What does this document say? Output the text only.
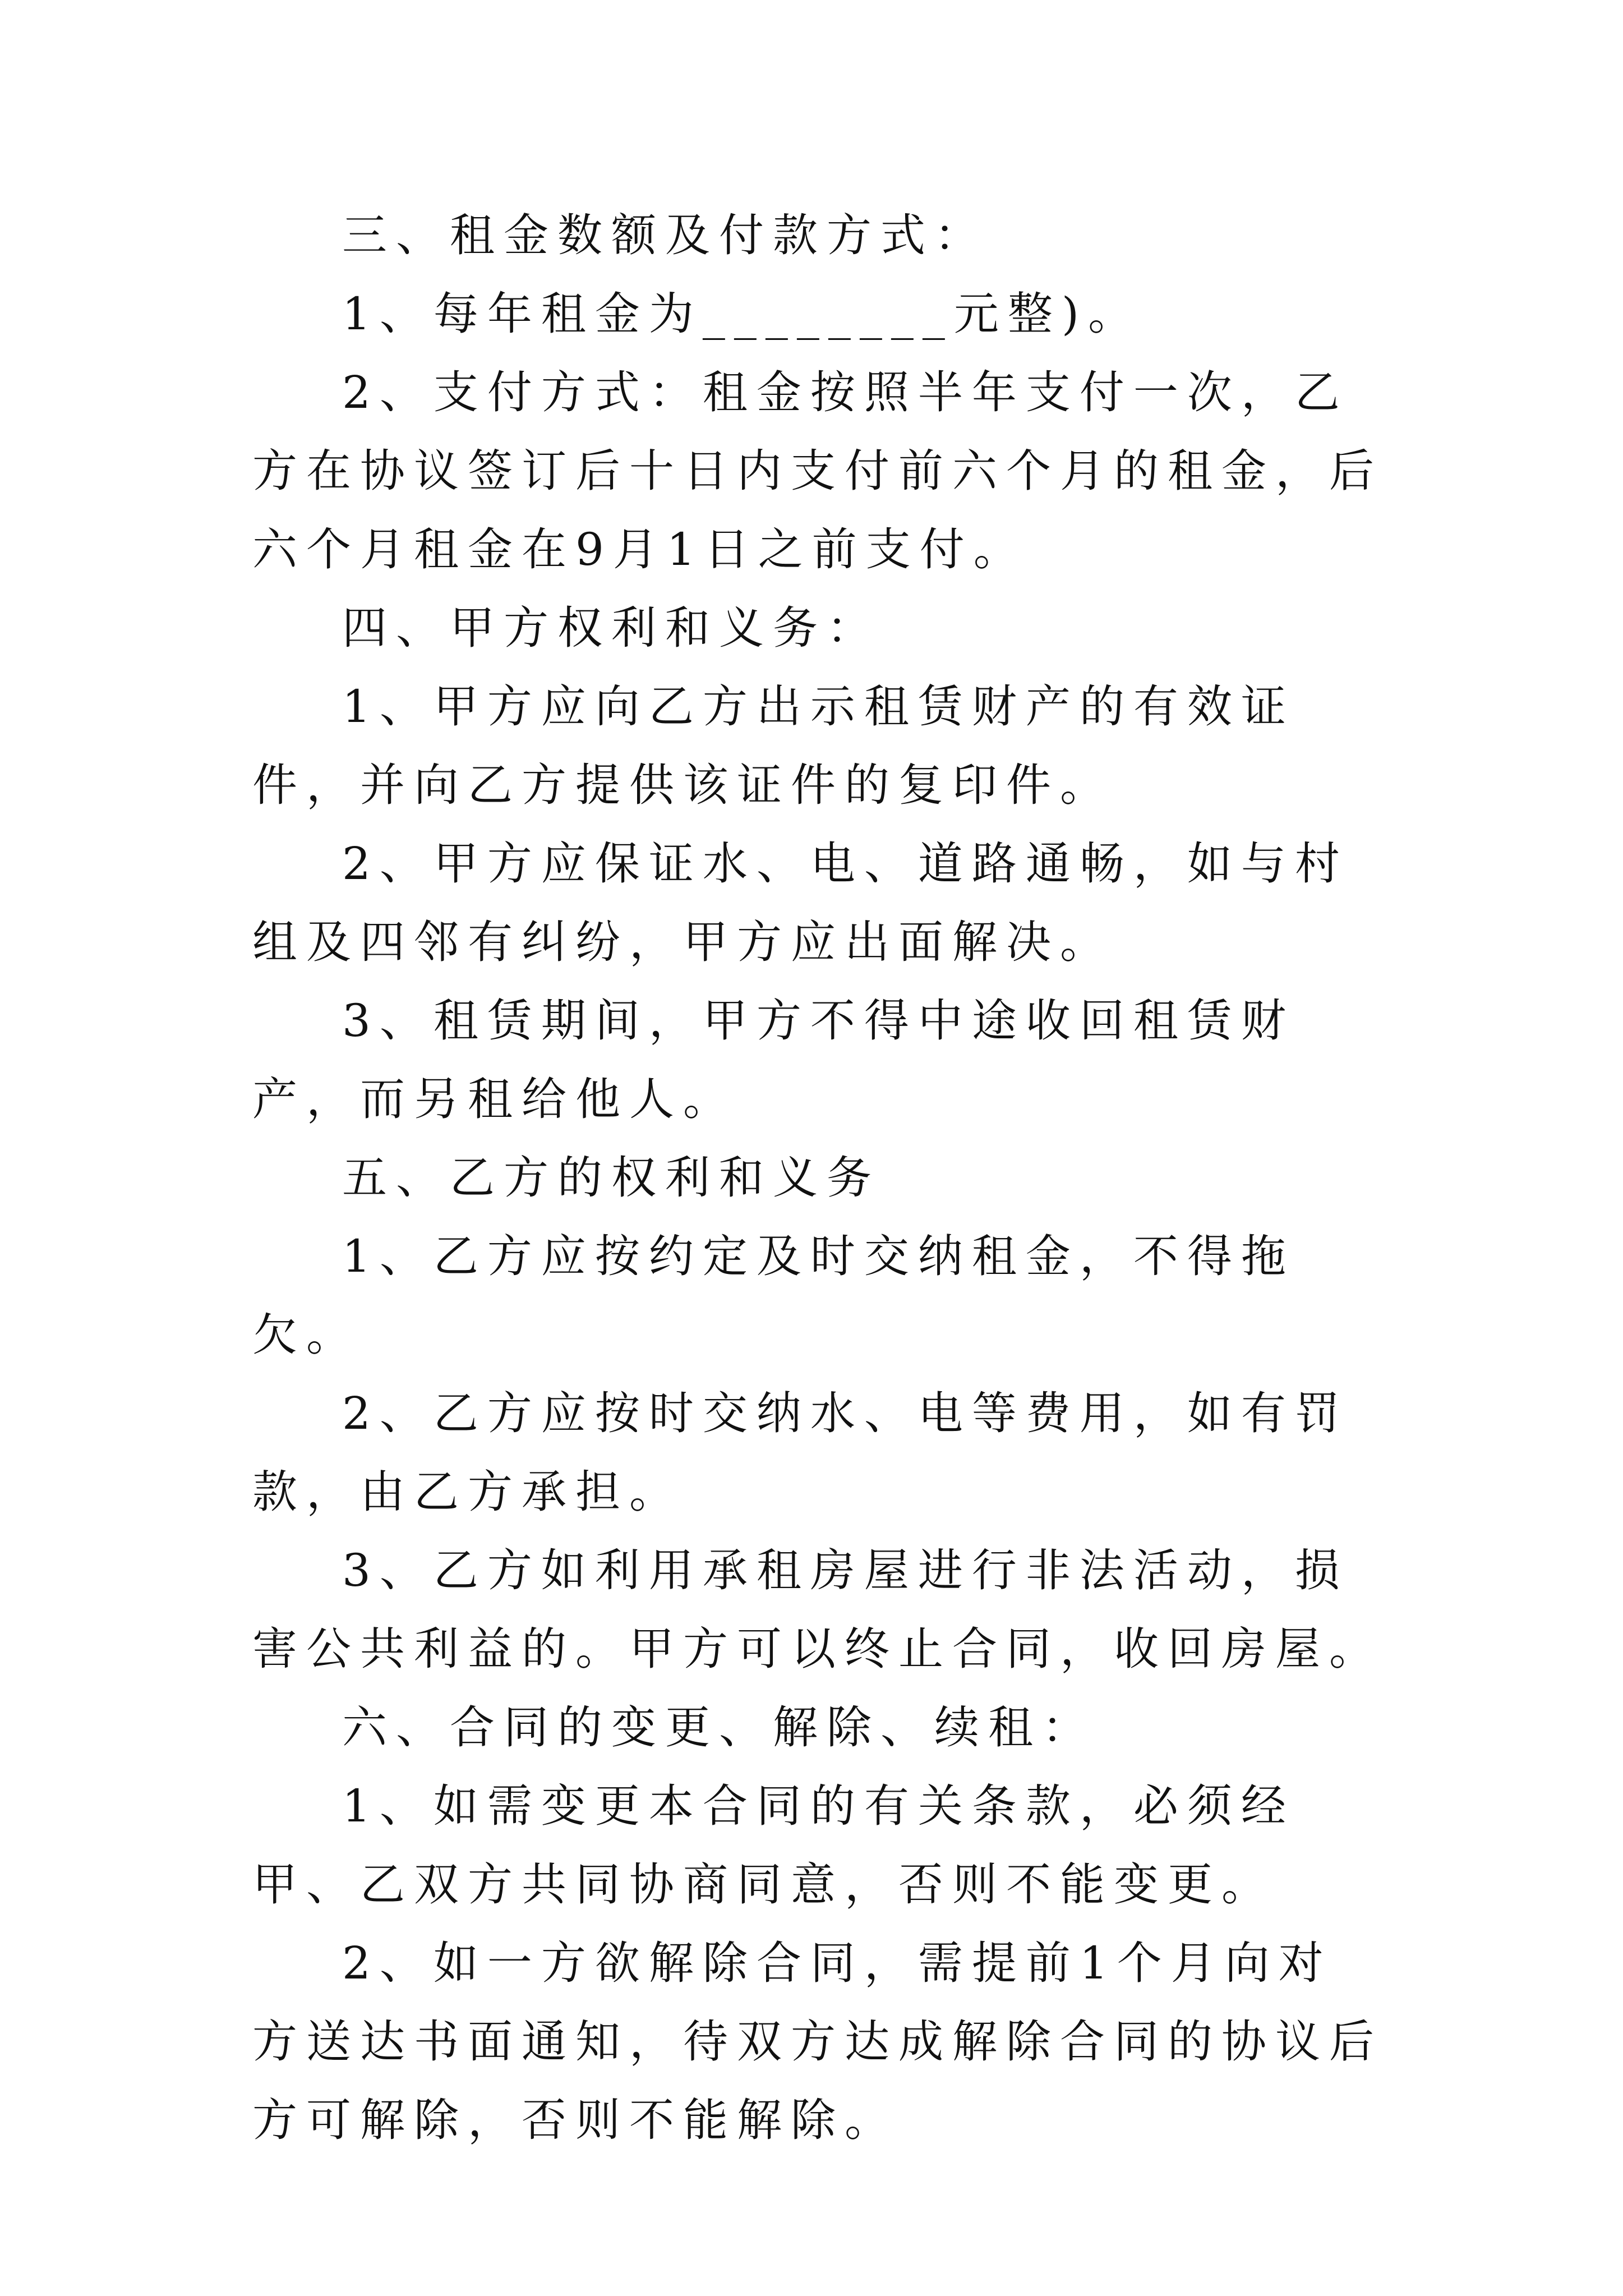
三、租金数额及付款方式：

1、每年租金为________元整)。

2、支付方式：租金按照半年支付一次，乙方在协议签订后十日内支付前六个月的租金，后六个月租金在9月1日之前支付。

四、甲方权利和义务：

1、甲方应向乙方出示租赁财产的有效证件，并向乙方提供该证件的复印件。

2、甲方应保证水、电、道路通畅，如与村组及四邻有纠纷，甲方应出面解决。

3、租赁期间，甲方不得中途收回租赁财产，而另租给他人。

五、乙方的权利和义务

1、乙方应按约定及时交纳租金，不得拖欠。

2、乙方应按时交纳水、电等费用，如有罚款，由乙方承担。

3、乙方如利用承租房屋进行非法活动，损害公共利益的。甲方可以终止合同，收回房屋。

六、合同的变更、解除、续租：

1、如需变更本合同的有关条款，必须经甲、乙双方共同协商同意，否则不能变更。

2、如一方欲解除合同，需提前1个月向对方送达书面通知，待双方达成解除合同的协议后方可解除，否则不能解除。
